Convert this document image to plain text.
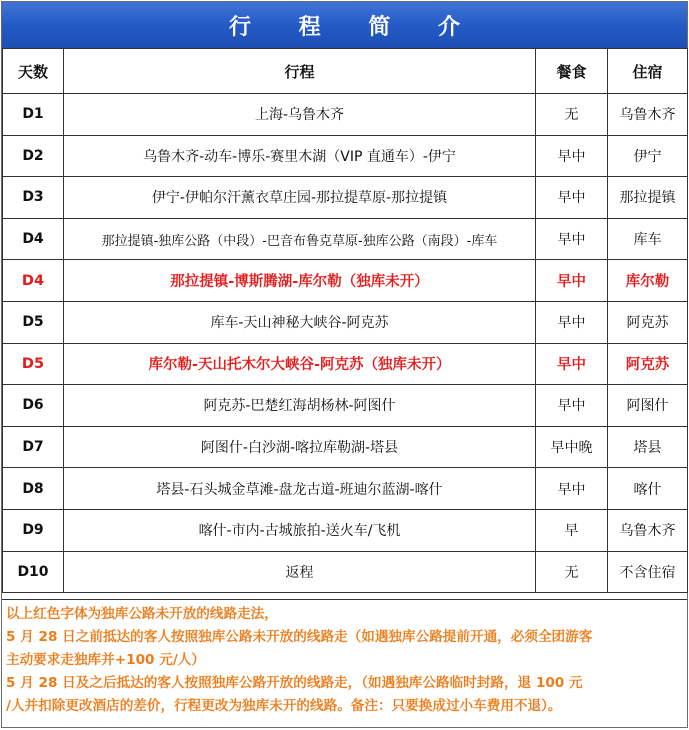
行 程 简 介
天数	行程	餐食	住宿
D1	上海-乌鲁木齐	无	乌鲁木齐
D2	乌鲁木齐-动车-博乐-赛里木湖（VIP 直通车）-伊宁	早中	伊宁
D3	伊宁-伊帕尔汗薰衣草庄园-那拉提草原-那拉提镇	早中	那拉提镇
D4	那拉提镇-独库公路（中段）-巴音布鲁克草原-独库公路（南段）-库车	早中	库车
D4	那拉提镇-博斯腾湖-库尔勒（独库未开）	早中	库尔勒
D5	库车-天山神秘大峡谷-阿克苏	早中	阿克苏
D5	库尔勒-天山托木尔大峡谷-阿克苏（独库未开）	早中	阿克苏
D6	阿克苏-巴楚红海胡杨林-阿图什	早中	阿图什
D7	阿图什-白沙湖-喀拉库勒湖-塔县	早中晚	塔县
D8	塔县-石头城金草滩-盘龙古道-班迪尔蓝湖-喀什	早中	喀什
D9	喀什-市内-古城旅拍-送火车/飞机	早	乌鲁木齐
D10	返程	无	不含住宿
以上红色字体为独库公路未开放的线路走法，
5 月 28 日之前抵达的客人按照独库公路未开放的线路走（如遇独库公路提前开通，必须全团游客
主动要求走独库并+100 元/人）
5 月 28 日及之后抵达的客人按照独库公路开放的线路走，（如遇独库公路临时封路，退 100 元
/人并扣除更改酒店的差价，行程更改为独库未开的线路。备注：只要换成过小车费用不退）。
